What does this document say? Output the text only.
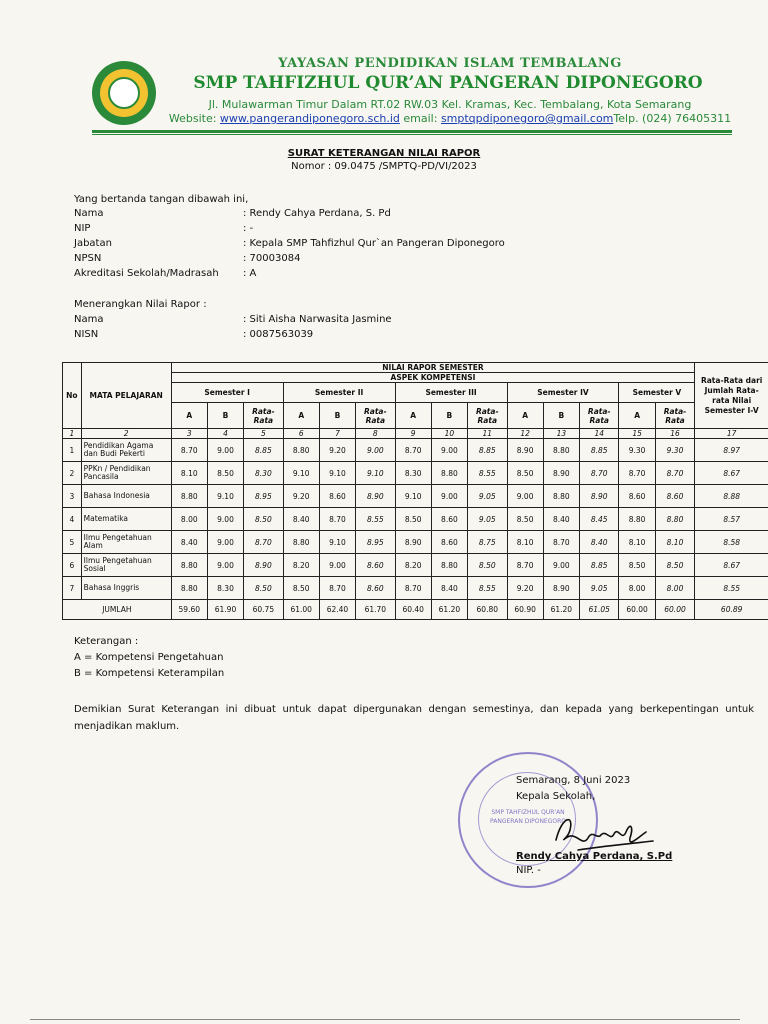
YAYASAN PENDIDIKAN ISLAM TEMBALANG
SMP TAHFIZHUL QUR’AN PANGERAN DIPONEGORO
Jl. Mulawarman Timur Dalam RT.02 RW.03 Kel. Kramas, Kec. Tembalang, Kota Semarang
Website: www.pangerandiponegoro.sch.id email: smptqpdiponegoro@gmail.comTelp. (024) 76405311
SURAT KETERANGAN NILAI RAPOR
Nomor : 09.0475 /SMPTQ-PD/VI/2023
Yang bertanda tangan dibawah ini,
Nama	: Rendy Cahya Perdana, S. Pd
NIP	: -
Jabatan	: Kepala SMP Tahfizhul Qur`an Pangeran Diponegoro
NPSN	: 70003084
Akreditasi Sekolah/Madrasah : A
Menerangkan Nilai Rapor :
Nama	: Siti Aisha Narwasita Jasmine
NISN	: 0087563039
No	MATA PELAJARAN	NILAI RAPOR SEMESTER														Rata-Rata dari Jumlah Rata-rata Nilai Semester I-V
		ASPEK KOMPETENSI														
		Semester I			Semester II			Semester III			Semester IV			Semester V		
		A	B	Rata-Rata	A	B	Rata-Rata	A	B	Rata-Rata	A	B	Rata-Rata	A	Rata-Rata	
1	2	3	4	5	6	7	8	9	10	11	12	13	14	15	16	17
1	Pendidikan Agama dan Budi Pekerti	8.70	9.00	8.85	8.80	9.20	9.00	8.70	9.00	8.85	8.90	8.80	8.85	9.30	9.30	8.97
2	PPKn / Pendidikan Pancasila	8.10	8.50	8.30	9.10	9.10	9.10	8.30	8.80	8.55	8.50	8.90	8.70	8.70	8.70	8.67
3	Bahasa Indonesia	8.80	9.10	8.95	9.20	8.60	8.90	9.10	9.00	9.05	9.00	8.80	8.90	8.60	8.60	8.88
4	Matematika	8.00	9.00	8.50	8.40	8.70	8.55	8.50	8.60	9.05	8.50	8.40	8.45	8.80	8.80	8.57
5	Ilmu Pengetahuan Alam	8.40	9.00	8.70	8.80	9.10	8.95	8.90	8.60	8.75	8.10	8.70	8.40	8.10	8.10	8.58
6	Ilmu Pengetahuan Sosial	8.80	9.00	8.90	8.20	9.00	8.60	8.20	8.80	8.50	8.70	9.00	8.85	8.50	8.50	8.67
7	Bahasa Inggris	8.80	8.30	8.50	8.50	8.70	8.60	8.70	8.40	8.55	9.20	8.90	9.05	8.00	8.00	8.55
JUMLAH		59.60	61.90	60.75	61.00	62.40	61.70	60.40	61.20	60.80	60.90	61.20	61.05	60.00	60.00	60.89
Keterangan :
A = Kompetensi Pengetahuan
B = Kompetensi Keterampilan
Demikian Surat Keterangan ini dibuat untuk dapat dipergunakan dengan semestinya, dan kepada yang berkepentingan untuk menjadikan maklum.
SMP TAHFIZHUL QUR'AN
PANGERAN DIPONEGORO
Semarang, 8 Juni 2023
Kepala Sekolah,
Rendy Cahya Perdana, S.Pd
NIP. -
